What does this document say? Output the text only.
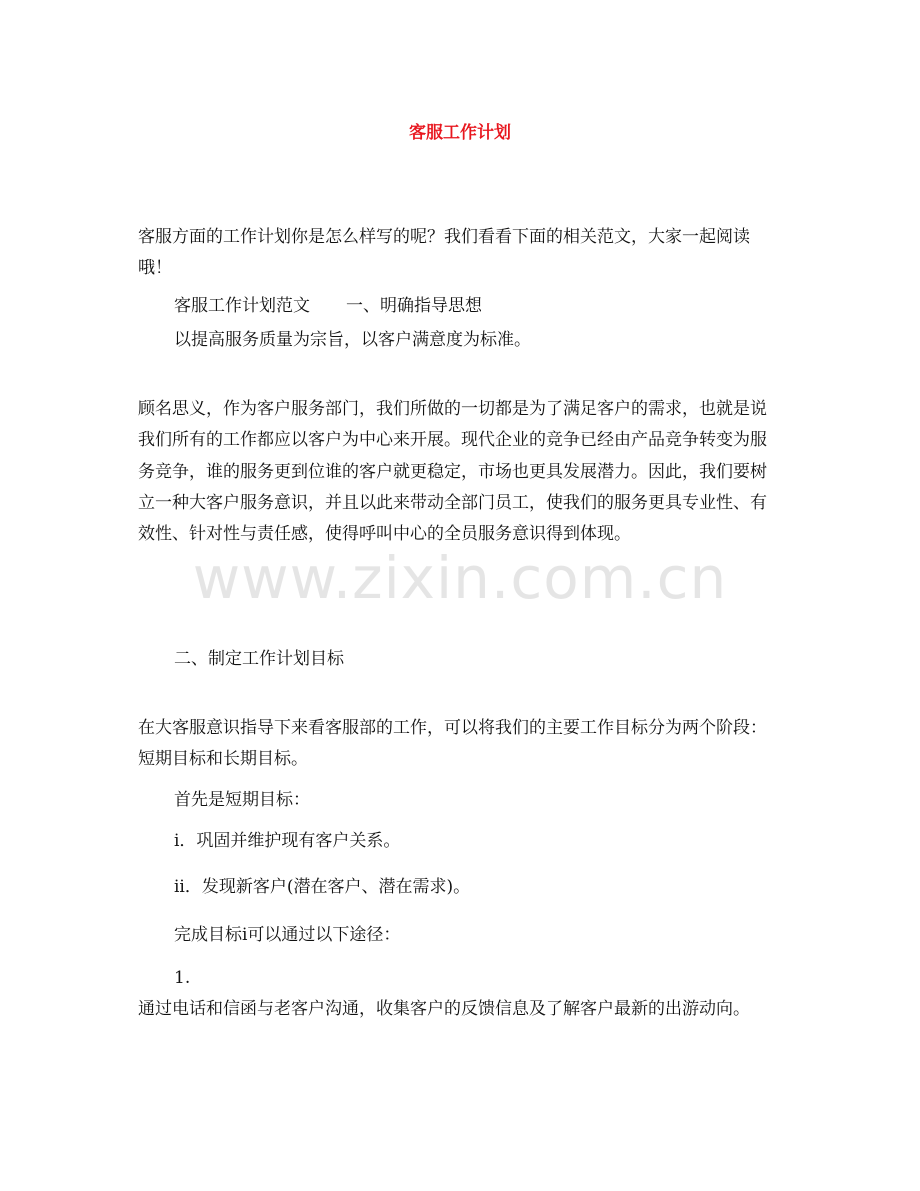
客服工作计划

客服方面的工作计划你是怎么样写的呢？我们看看下面的相关范文，大家一起阅读哦！

客服工作计划范文 一、明确指导思想

以提高服务质量为宗旨，以客户满意度为标准。

顾名思义，作为客户服务部门，我们所做的一切都是为了满足客户的需求，也就是说我们所有的工作都应以客户为中心来开展。现代企业的竞争已经由产品竞争转变为服务竞争，谁的服务更到位谁的客户就更稳定，市场也更具发展潜力。因此，我们要树立一种大客户服务意识，并且以此来带动全部门员工，使我们的服务更具专业性、有效性、针对性与责任感，使得呼叫中心的全员服务意识得到体现。

二、制定工作计划目标

在大客服意识指导下来看客服部的工作，可以将我们的主要工作目标分为两个阶段：短期目标和长期目标。

首先是短期目标：

i．巩固并维护现有客户关系。

ii．发现新客户(潜在客户、潜在需求)。

完成目标i可以通过以下途径：

1.

通过电话和信函与老客户沟通，收集客户的反馈信息及了解客户最新的出游动向。

www.zixin.com.cn
